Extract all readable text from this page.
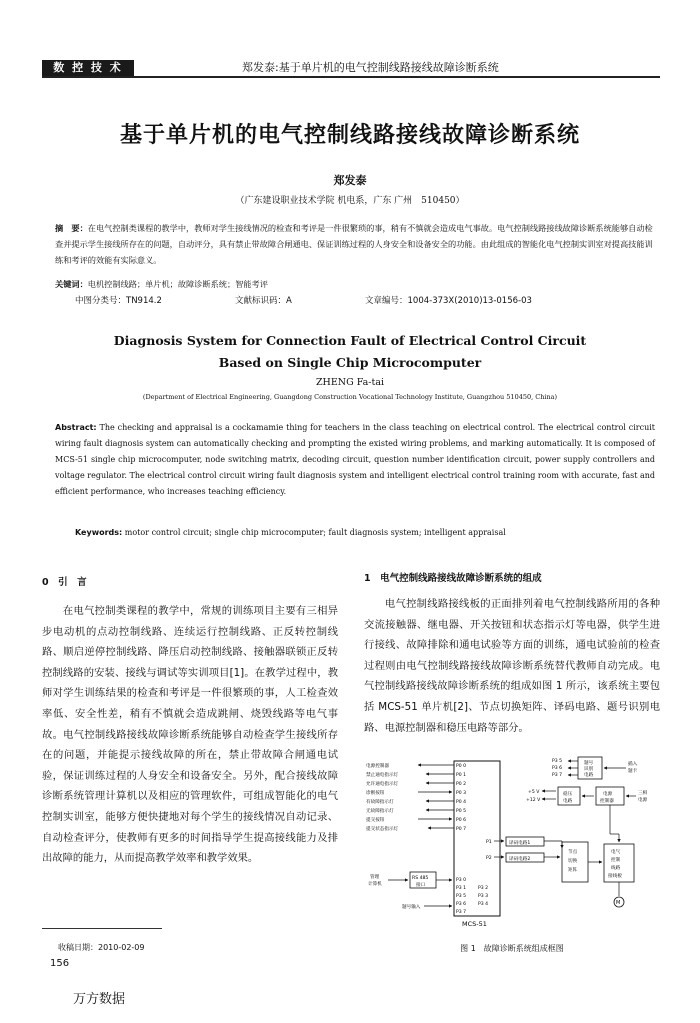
数 控 技 术	郑发泰:基于单片机的电气控制线路接线故障诊断系统
基于单片机的电气控制线路接线故障诊断系统
郑发泰
（广东建设职业技术学院 机电系，广东 广州　510450）
摘　要：在电气控制类课程的教学中，教师对学生接线情况的检查和考评是一件很繁琐的事，稍有不慎就会造成电气事故。电气控制线路接线故障诊断系统能够自动检查并提示学生接线所存在的问题，自动评分，具有禁止带故障合闸通电、保证训练过程的人身安全和设备安全的功能。由此组成的智能化电气控制实训室对提高技能训练和考评的效能有实际意义。
关键词：电机控制线路；单片机；故障诊断系统；智能考评
中图分类号：TN914.2	文献标识码：A	文章编号：1004-373X(2010)13-0156-03
Diagnosis System for Connection Fault of Electrical Control Circuit
Based on Single Chip Microcomputer
ZHENG Fa-tai
(Department of Electrical Engineering, Guangdong Construction Vocational Technology Institute, Guangzhou 510450, China)
Abstract: The checking and appraisal is a cockamamie thing for teachers in the class teaching on electrical control. The electrical control circuit wiring fault diagnosis system can automatically checking and prompting the existed wiring problems, and marking automatically. It is composed of MCS-51 single chip microcomputer, node switching matrix, decoding circuit, question number identification circuit, power supply controllers and voltage regulator. The electrical control circuit wiring fault diagnosis system and intelligent electrical control training room with accurate, fast and efficient performance, who increases teaching efficiency.
Keywords: motor control circuit; single chip microcomputer; fault diagnosis system; intelligent appraisal
0　引　言
  在电气控制类课程的教学中，常规的训练项目主要有三相异步电动机的点动控制线路、连续运行控制线路、正反转控制线路、顺启逆停控制线路、降压启动控制线路、接触器联锁正反转控制线路的安装、接线与调试等实训项目[1]。在教学过程中，教师对学生训练结果的检查和考评是一件很繁琐的事，人工检查效率低、安全性差，稍有不慎就会造成跳闸、烧毁线路等电气事故。电气控制线路接线故障诊断系统能够自动检查学生接线所存在的问题，并能提示接线故障的所在，禁止带故障合闸通电试验，保证训练过程的人身安全和设备安全。另外，配合接线故障诊断系统管理计算机以及相应的管理软件，可组成智能化的电气控制实训室，能够方便快捷地对每个学生的接线情况自动记录、自动检查评分，使教师有更多的时间指导学生提高接线能力及排出故障的能力，从而提高教学效率和教学效果。
1　电气控制线路接线故障诊断系统的组成
  电气控制线路接线板的正面排列着电气控制线路所用的各种交流接触器、继电器、开关按钮和状态指示灯等电器，供学生进行接线、故障排除和通电试验等方面的训练，通电试验前的检查过程则由电气控制线路接线故障诊断系统替代教师自动完成。电气控制线路接线故障诊断系统的组成如图 1 所示，该系统主要包括 MCS-51 单片机[2]、节点切换矩阵、译码电路、题号识别电路、电源控制器和稳压电路等部分。
MCS-51
电源控制器
禁止通电指示灯
允许通电指示灯
诊断按钮
有故障指示灯
无故障指示灯
提交按钮
提交状态指示灯
P0 0
P0 1
P0 2
P0 3
P0 4
P0 5
P0 6
P0 7
P3 0
P3 1
P3 5
P3 6
P3 7
P3 2
P3 3
P3 4
RS 485
接口
管理
计算机
题号输入
P1
P2
译码电路1
译码电路2
节点
切换
矩阵
电气
控制
线路
接线板
M
P3 5
P3 6
P3 7
题号
识别
电路
插入
题卡
+5 V
+12 V
稳压
电路
电源
控制器
三相
电源
图 1　故障诊断系统组成框图
收稿日期：2010-02-09
156
万方数据
